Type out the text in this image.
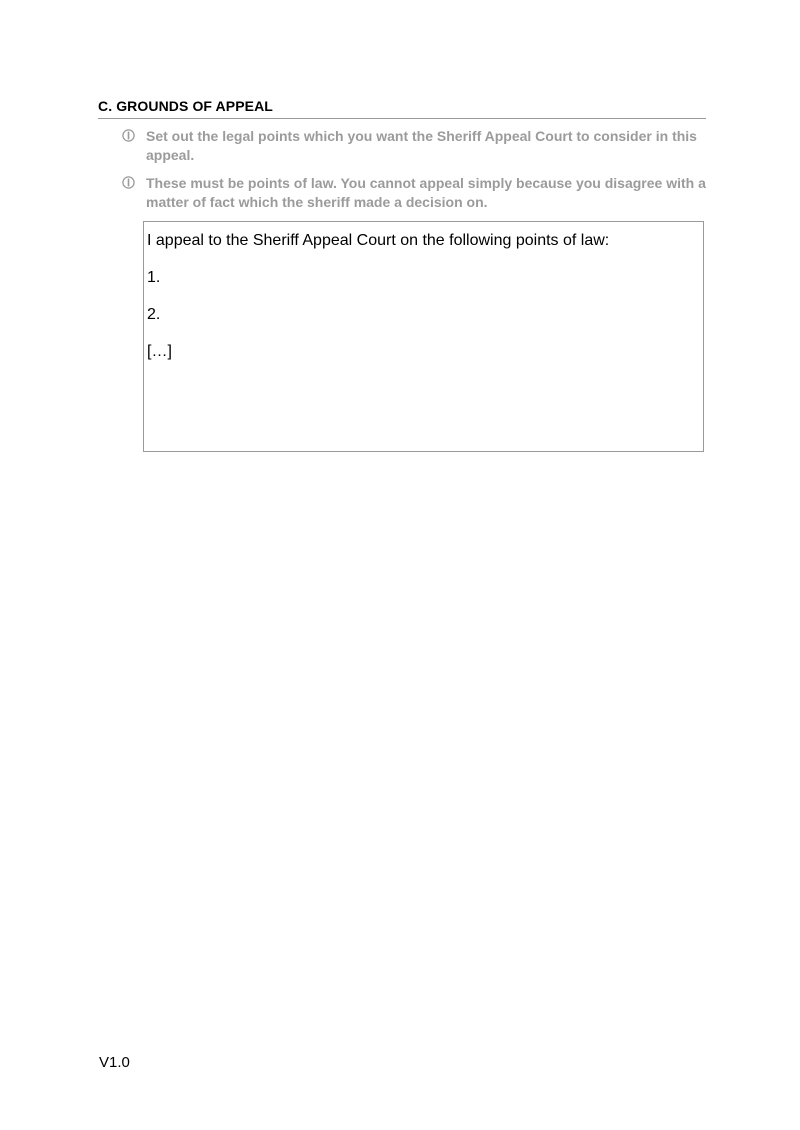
C. GROUNDS OF APPEAL
Set out the legal points which you want the Sheriff Appeal Court to consider in this appeal.
These must be points of law. You cannot appeal simply because you disagree with a matter of fact which the sheriff made a decision on.

I appeal to the Sheriff Appeal Court on the following points of law:

1.

2.

[…]

V1.0
